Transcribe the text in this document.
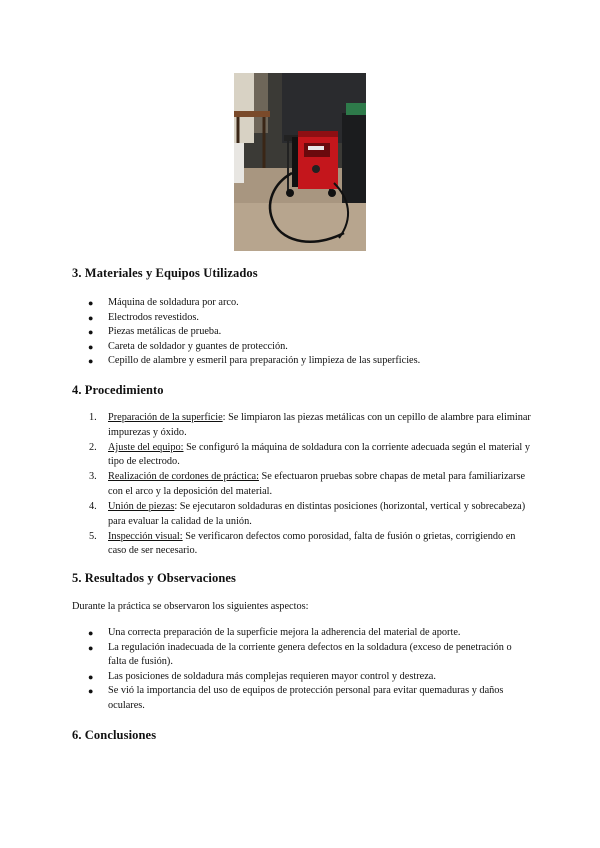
3. Materiales y Equipos Utilizados
● Máquina de soldadura por arco.
● Electrodos revestidos.
● Piezas metálicas de prueba.
● Careta de soldador y guantes de protección.
● Cepillo de alambre y esmeril para preparación y limpieza de las superficies.
4. Procedimiento
1. Preparación de la superficie: Se limpiaron las piezas metálicas con un cepillo de alambre para eliminar impurezas y óxido.
2. Ajuste del equipo: Se configuró la máquina de soldadura con la corriente adecuada según el material y tipo de electrodo.
3. Realización de cordones de práctica: Se efectuaron pruebas sobre chapas de metal para familiarizarse con el arco y la deposición del material.
4. Unión de piezas: Se ejecutaron soldaduras en distintas posiciones (horizontal, vertical y sobrecabeza) para evaluar la calidad de la unión.
5. Inspección visual: Se verificaron defectos como porosidad, falta de fusión o grietas, corrigiendo en caso de ser necesario.
5. Resultados y Observaciones

Durante la práctica se observaron los siguientes aspectos:

● Una correcta preparación de la superficie mejora la adherencia del material de aporte.
● La regulación inadecuada de la corriente genera defectos en la soldadura (exceso de penetración o falta de fusión).
● Las posiciones de soldadura más complejas requieren mayor control y destreza.
● Se vió la importancia del uso de equipos de protección personal para evitar quemaduras y daños oculares.
6. Conclusiones
